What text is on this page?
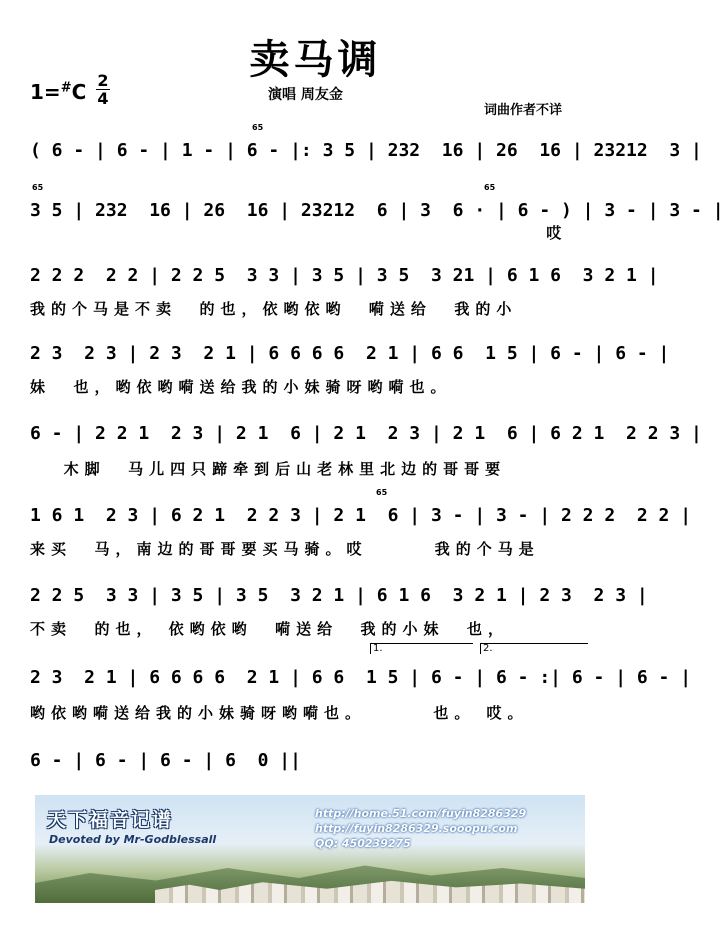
卖马调
1=#C 2
4	演唱 周友金
词曲作者不详
( 6 - | 6 - | 1 - | 6 - |: 3 5 | 232  16 | 26  16 | 23212  3 |
65
3 5 | 232  16 | 26  16 | 23212  6 | 3  6 · | 6 - ) | 3 - | 3 - |
65	65
哎
2 2 2  2 2 | 2 2 5  3 3 | 3 5 | 3 5  3 21 | 6 1 6  3 2 1 |
我的个马是不卖  的也，依哟依哟  嗬送给  我的小
2 3  2 3 | 2 3  2 1 | 6 6 6 6  2 1 | 6 6  1 5 | 6 - | 6 - |
妹  也，哟依哟嗬送给我的小妹骑呀哟嗬也。
6 - | 2 2 1  2 3 | 2 1  6 | 2 1  2 3 | 2 1  6 | 6 2 1  2 2 3 |
木脚  马儿四只蹄牵到后山老林里北边的哥哥要
1 6 1  2 3 | 6 2 1  2 2 3 | 2 1  6 | 3 - | 3 - | 2 2 2  2 2 |
65
来买  马，南边的哥哥要买马骑。哎      我的个马是
2 2 5  3 3 | 3 5 | 3 5  3 2 1 | 6 1 6  3 2 1 | 2 3  2 3 |
不卖  的也， 依哟依哟  嗬送给  我的小妹  也，
1.	2.
2 3  2 1 | 6 6 6 6  2 1 | 6 6  1 5 | 6 - | 6 - :| 6 - | 6 - |
哟依哟嗬送给我的小妹骑呀哟嗬也。      也。 哎。
6 - | 6 - | 6 - | 6  0 ||
天下福音记谱
Devoted by Mr-Godblessall
http://home.51.com/fuyin8286329
http://fuyin8286329.sooopu.com
QQ: 450239275
